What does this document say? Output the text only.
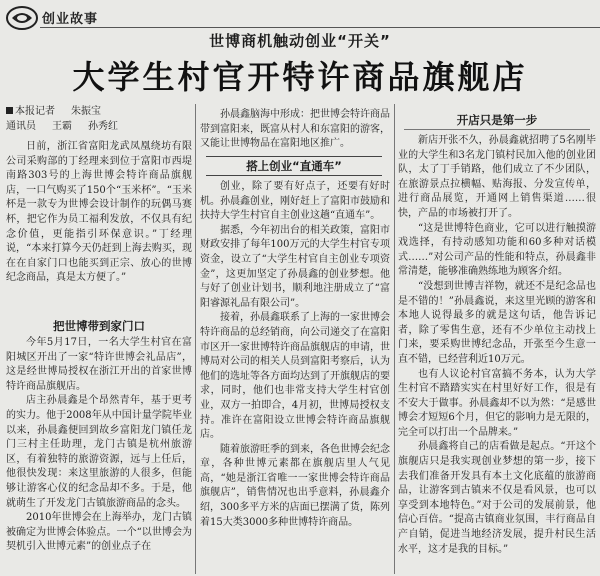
创业故事
世博商机触动创业“开关”
大学生村官开特许商品旗舰店
本报记者 朱振宝
通讯员 王霸 孙秀红

日前，浙江省富阳龙武凤凰绕坊有限公司采购部的丁经理来到位于富阳市西堤南路303号的上海世博会特许商品旗舰店，一口气购买了150个“玉米杯”。“玉米杯是一款专为世博会设计制作的玩偶马赛杯，把它作为员工福利发放，不仅具有纪念价值，更能指引环保意识。”丁经理说，“本来打算今天仍赶到上海去购买，现在在自家门口也能买到正宗、放心的世博纪念商品，真是太方便了。”

把世博带到家门口

今年5月17日，一名大学生村官在富阳城区开出了一家“特许世博会礼品店”，这是经世博局授权在浙江开出的首家世博特许商品旗舰店。

店主孙晨鑫是个昂然青年，基于更考的实力。他于2008年从中国计量学院毕业以来，孙晨鑫便回到故乡富阳龙门镇任龙门三村主任助理，龙门古镇是杭州旅游区，有着独特的旅游资源，远与上任后，他很快发现：来这里旅游的人很多，但能够让游客心仪的纪念品却不多。于是，他就萌生了开发龙门古镇旅游商品的念头。

2010年世博会在上海举办，龙门古镇被确定为世博会体验点。一个“以世博会为契机引入世博元素”的创业点子在

孙晨鑫脑海中形成：把世博会特许商品带到富阳来，既富从村人和东富阳的游客，又能让世博物品在富阳地区推广。

搭上创业“直通车”

创业，除了要有好点子，还要有好时机。孙晨鑫创业，刚好赶上了富阳市鼓励和扶持大学生村官自主创业这趟“直通车”。

据悉，今年初出台的相关政策，富阳市财政安排了每年100万元的大学生村官专项资金，设立了“大学生村官自主创业专项资金”，这更加坚定了孙晨鑫的创业梦想。他与好了创业计划书，顺利地注册成立了“富阳睿源礼品有限公司”。

接着，孙晨鑫联系了上海的一家世博会特许商品的总经销商，向公司递交了在富阳市区开一家世博特许商品旗舰店的申请，世博局对公司的相关人员到富阳考察后，认为他们的选址等各方面均达到了开旗舰店的要求，同时，他们也非常支持大学生村官创业，双方一拍即合，4月初，世博局授权支持。准许在富阳设立世博会特许商品旗舰店。

随着旅游旺季的到来，各色世博会纪念章，各种世博元素都在旗舰店里人气见高，“她是浙江省唯一一家世博会特许商品旗舰店”，销售情况也出乎意料，孙晨鑫介绍，300多平方米的店面已摆满了货，陈列着15大类3000多种世博特许商品。

开店只是第一步

新店开张不久，孙晨鑫就招聘了5名刚毕业的大学生和3名龙门镇村民加入他的创业团队，太了丁手销路，他们成立了不少团队，在旅游景点拉横幅、贴海报、分发宣传单，进行商品展览，开通网上销售渠道……很快，产品的市场被打开了。

“这是世博特色商业，它可以进行触摸游戏选择，有持动感知功能和60多种对话模式……”对公司产品的性能和特点，孙晨鑫非常清楚，能够准确熟练地为顾客介绍。

“没想到世博吉祥物，就还不是纪念品也是不错的！”孙晨鑫说，来这里光顾的游客和本地人说得最多的就是这句话，他告诉记者，除了零售生意，还有不少单位主动找上门来，要采购世博纪念品，开张至今生意一直不错，已经营利近10万元。

也有人议论村官富搞不务本，认为大学生村官不踏踏实实在村里好好工作，很是有不安大于做事。孙晨鑫却不以为然：“是感世博会才短短6个月，但它的影响力是无限的，完全可以打出一个品牌来。”

孙晨鑫将自己的店看做是起点。“开这个旗舰店只是我实现创业梦想的第一步，接下去我们准备开发具有本土文化底蕴的旅游商品，让游客到古镇来不仅是看风景，也可以享受到本地特色。”对于公司的发展前景，他信心百倍。“提高古镇商业氛围，丰行商品自产自销，促进当地经济发展，提升村民生活水平，这才是我的目标。”
